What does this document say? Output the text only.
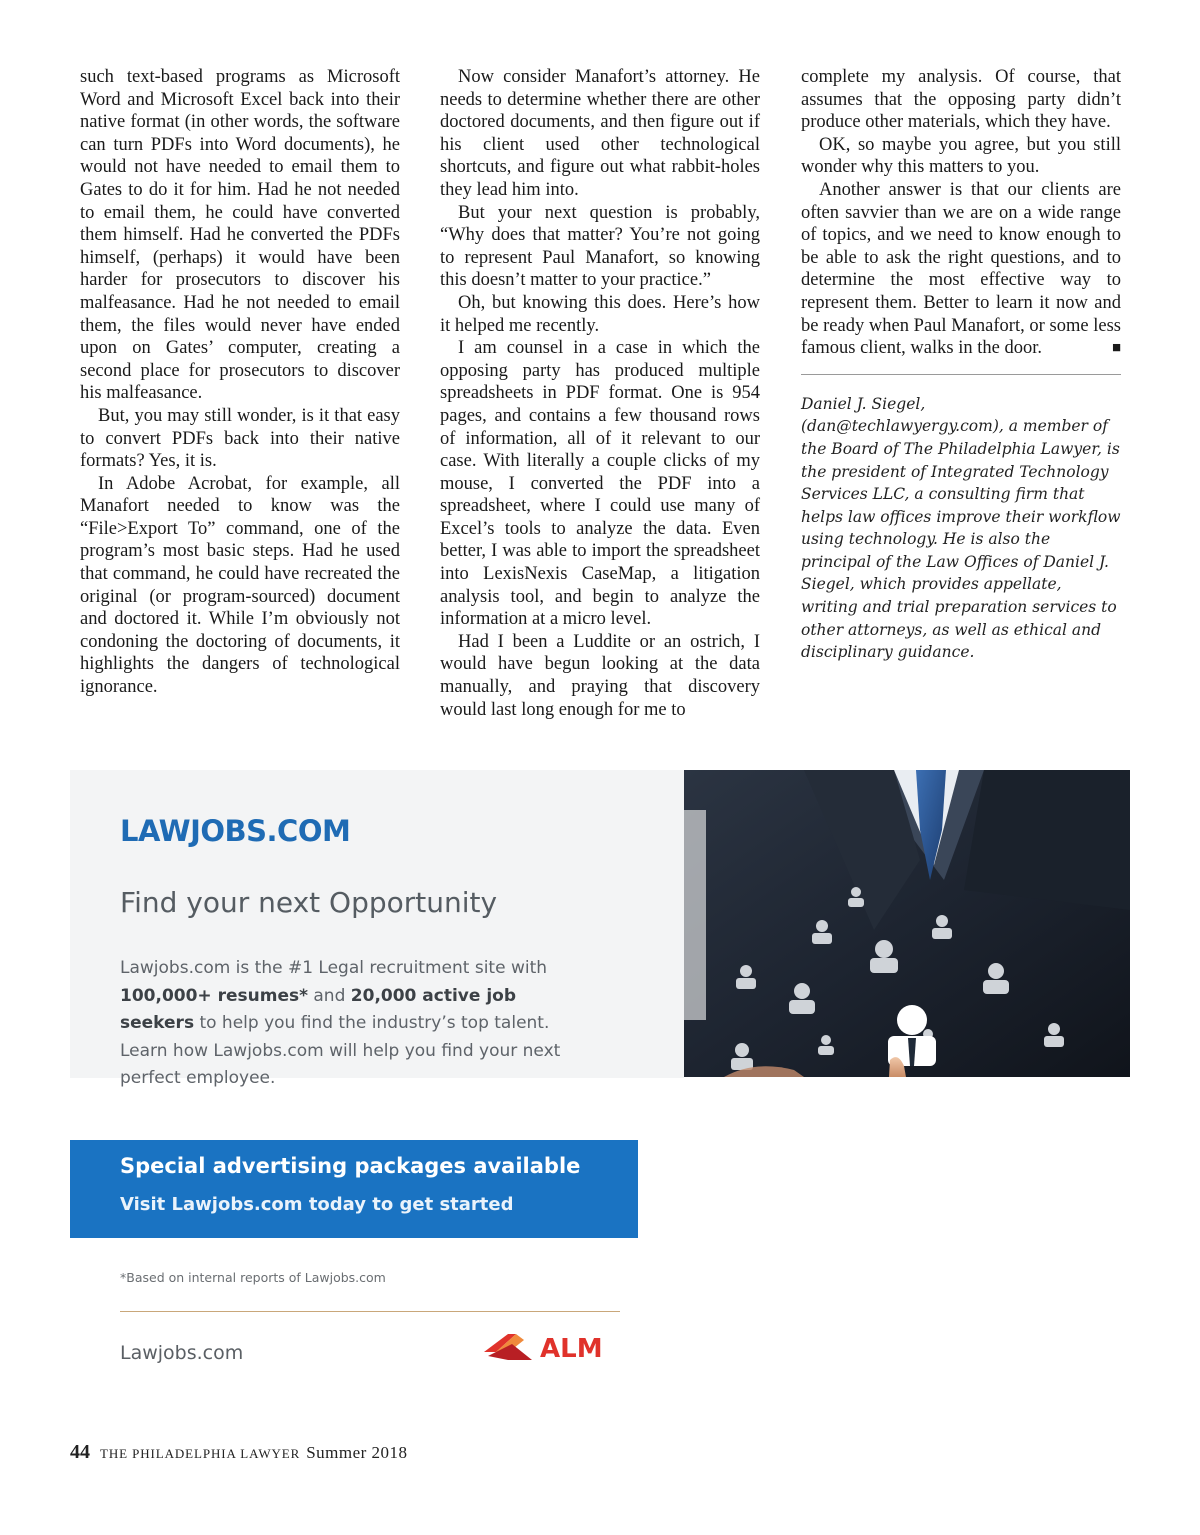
such text-based programs as Microsoft Word and Microsoft Excel back into their native format (in other words, the software can turn PDFs into Word documents), he would not have needed to email them to Gates to do it for him. Had he not needed to email them, he could have converted them himself. Had he converted the PDFs himself, (perhaps) it would have been harder for prosecutors to discover his malfeasance. Had he not needed to email them, the files would never have ended upon on Gates’ computer, creating a second place for prosecutors to discover his malfeasance.

But, you may still wonder, is it that easy to convert PDFs back into their native formats? Yes, it is.

In Adobe Acrobat, for example, all Manafort needed to know was the “File>Export To” command, one of the program’s most basic steps. Had he used that command, he could have recreated the original (or program-sourced) document and doctored it. While I’m obviously not condoning the doctoring of documents, it highlights the dangers of technological ignorance.

Now consider Manafort’s attorney. He needs to determine whether there are other doctored documents, and then figure out if his client used other technological shortcuts, and figure out what rabbit-holes they lead him into.

But your next question is probably, “Why does that matter? You’re not going to represent Paul Manafort, so knowing this doesn’t matter to your practice.”

Oh, but knowing this does. Here’s how it helped me recently.

I am counsel in a case in which the opposing party has produced multiple spreadsheets in PDF format. One is 954 pages, and contains a few thousand rows of information, all of it relevant to our case. With literally a couple clicks of my mouse, I converted the PDF into a spreadsheet, where I could use many of Excel’s tools to analyze the data. Even better, I was able to import the spreadsheet into LexisNexis CaseMap, a litigation analysis tool, and begin to analyze the information at a micro level.

Had I been a Luddite or an ostrich, I would have begun looking at the data manually, and praying that discovery would last long enough for me to

complete my analysis. Of course, that assumes that the opposing party didn’t produce other materials, which they have.

OK, so maybe you agree, but you still wonder why this matters to you.

Another answer is that our clients are often savvier than we are on a wide range of topics, and we need to know enough to be able to ask the right questions, and to determine the most effective way to represent them. Better to learn it now and be ready when Paul Manafort, or some less famous client, walks in the door.	■

Daniel J. Siegel, (dan@techlawyergy.com), a member of the Board of The Philadelphia Lawyer, is the president of Integrated Technology Services LLC, a consulting firm that helps law offices improve their workflow using technology. He is also the principal of the Law Offices of Daniel J. Siegel, which provides appellate, writing and trial preparation services to other attorneys, as well as ethical and disciplinary guidance.
LAWJOBS.COM
Find your next Opportunity
Lawjobs.com is the #1 Legal recruitment site with 100,000+ resumes* and 20,000 active job seekers to help you find the industry’s top talent. Learn how Lawjobs.com will help you find your next perfect employee.
Special advertising packages available
Visit Lawjobs.com today to get started
*Based on internal reports of Lawjobs.com
Lawjobs.com	ALM
44 THE PHILADELPHIA LAWYER Summer 2018
